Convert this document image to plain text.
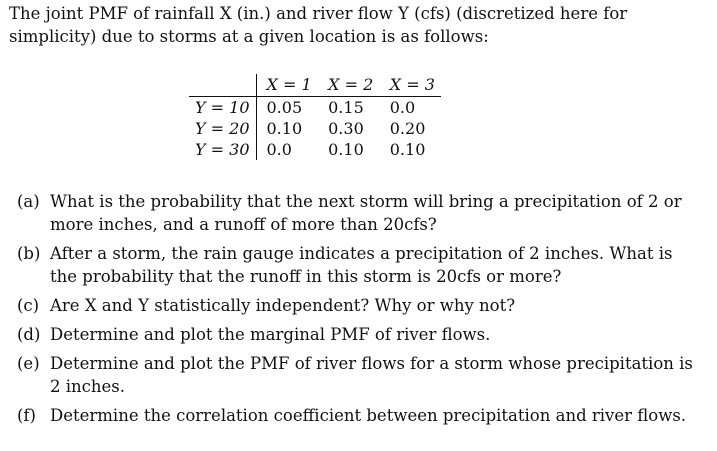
The joint PMF of rainfall X (in.) and river flow Y (cfs) (discretized here for
simplicity) due to storms at a given location is as follows:
	X = 1	X = 2	X = 3
Y = 10	0.05	0.15	0.0
Y = 20	0.10	0.30	0.20
Y = 30	0.0	0.10	0.10
(a) What is the probability that the next storm will bring a precipitation of 2 or more inches, and a runoff of more than 20cfs?
(b) After a storm, the rain gauge indicates a precipitation of 2 inches. What is the probability that the runoff in this storm is 20cfs or more?
(c) Are X and Y statistically independent? Why or why not?
(d) Determine and plot the marginal PMF of river flows.
(e) Determine and plot the PMF of river flows for a storm whose precipitation is 2 inches.
(f) Determine the correlation coefficient between precipitation and river flows.
